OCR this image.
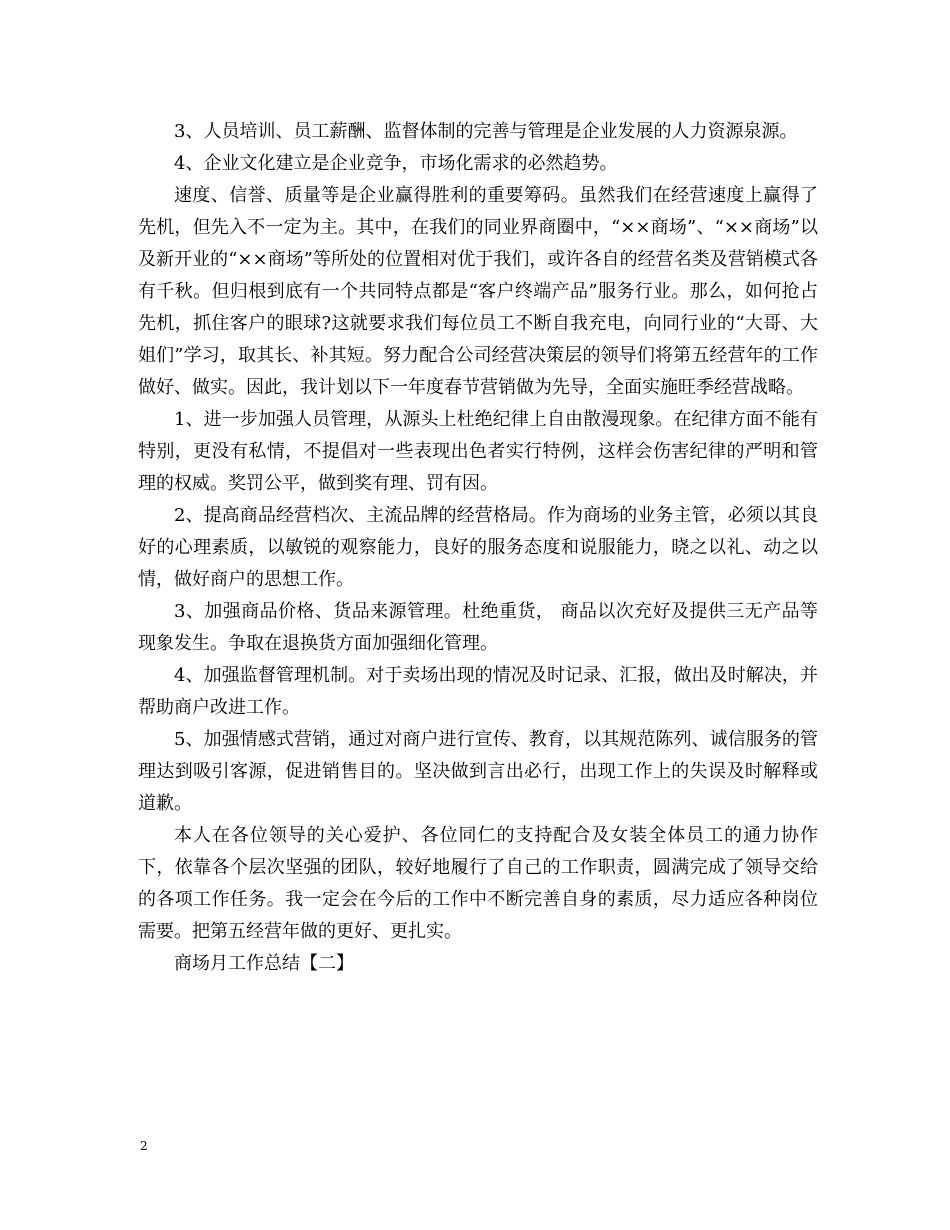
3、人员培训、员工薪酬、监督体制的完善与管理是企业发展的人力资源泉源。

4、企业文化建立是企业竞争，市场化需求的必然趋势。

速度、信誉、质量等是企业赢得胜利的重要筹码。虽然我们在经营速度上赢得了先机，但先入不一定为主。其中，在我们的同业界商圈中，“××商场”、“××商场”以及新开业的“××商场”等所处的位置相对优于我们，或许各自的经营名类及营销模式各有千秋。但归根到底有一个共同特点都是“客户终端产品”服务行业。那么，如何抢占先机，抓住客户的眼球?这就要求我们每位员工不断自我充电，向同行业的“大哥、大姐们”学习，取其长、补其短。努力配合公司经营决策层的领导们将第五经营年的工作做好、做实。因此，我计划以下一年度春节营销做为先导，全面实施旺季经营战略。

1、进一步加强人员管理，从源头上杜绝纪律上自由散漫现象。在纪律方面不能有特别，更没有私情，不提倡对一些表现出色者实行特例，这样会伤害纪律的严明和管理的权威。奖罚公平，做到奖有理、罚有因。

2、提高商品经营档次、主流品牌的经营格局。作为商场的业务主管，必须以其良好的心理素质，以敏锐的观察能力，良好的服务态度和说服能力，晓之以礼、动之以情，做好商户的思想工作。

3、加强商品价格、货品来源管理。杜绝重货， 商品以次充好及提供三无产品等现象发生。争取在退换货方面加强细化管理。

4、加强监督管理机制。对于卖场出现的情况及时记录、汇报，做出及时解决，并帮助商户改进工作。

5、加强情感式营销，通过对商户进行宣传、教育，以其规范陈列、诚信服务的管理达到吸引客源，促进销售目的。坚决做到言出必行，出现工作上的失误及时解释或道歉。

本人在各位领导的关心爱护、各位同仁的支持配合及女装全体员工的通力协作下，依靠各个层次坚强的团队，较好地履行了自己的工作职责，圆满完成了领导交给的各项工作任务。我一定会在今后的工作中不断完善自身的素质，尽力适应各种岗位需要。把第五经营年做的更好、更扎实。

商场月工作总结【二】

2
